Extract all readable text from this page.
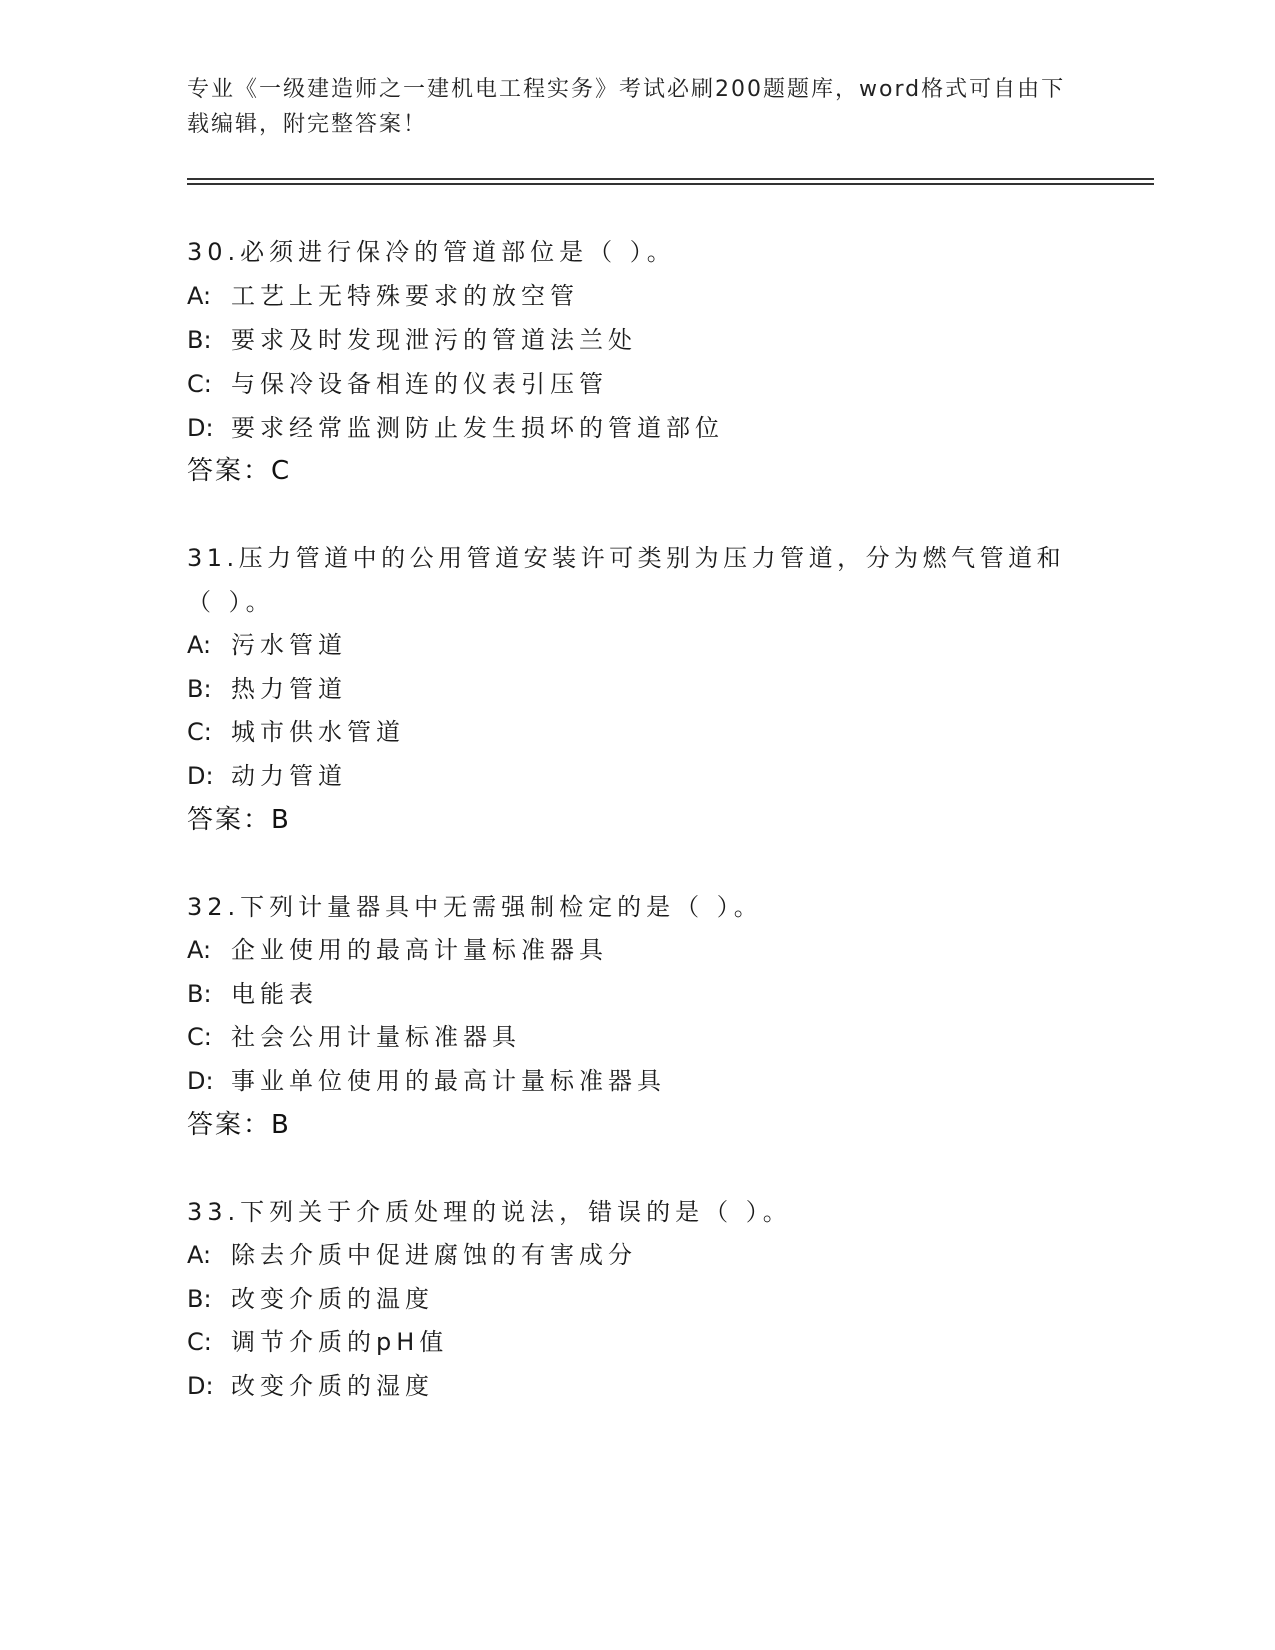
专业《一级建造师之一建机电工程实务》考试必刷200题题库，word格式可自由下载编辑，附完整答案！
30.必须进行保冷的管道部位是（ ）。
A: 工艺上无特殊要求的放空管
B: 要求及时发现泄污的管道法兰处
C: 与保冷设备相连的仪表引压管
D: 要求经常监测防止发生损坏的管道部位
答案：C
31.压力管道中的公用管道安装许可类别为压力管道，分为燃气管道和
（ ）。
A: 污水管道
B: 热力管道
C: 城市供水管道
D: 动力管道
答案：B
32.下列计量器具中无需强制检定的是（ ）。
A: 企业使用的最高计量标准器具
B: 电能表
C: 社会公用计量标准器具
D: 事业单位使用的最高计量标准器具
答案：B
33.下列关于介质处理的说法，错误的是（ ）。
A: 除去介质中促进腐蚀的有害成分
B: 改变介质的温度
C: 调节介质的pH值
D: 改变介质的湿度
